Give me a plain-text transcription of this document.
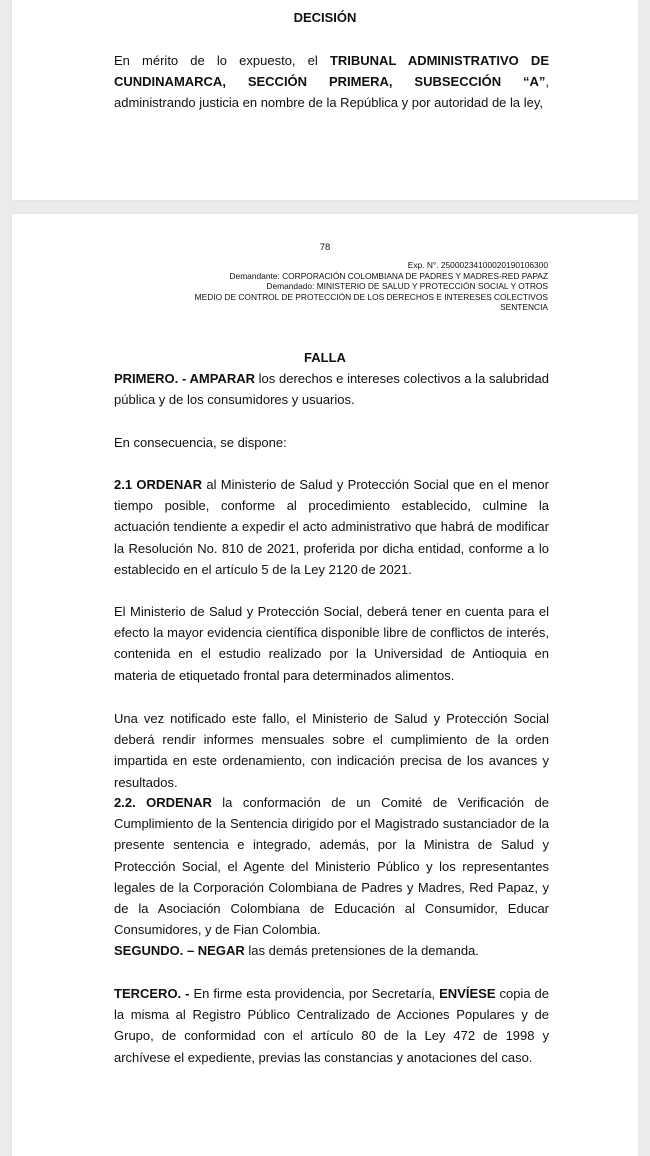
DECISIÓN
En mérito de lo expuesto, el TRIBUNAL ADMINISTRATIVO DE CUNDINAMARCA, SECCIÓN PRIMERA, SUBSECCIÓN “A”, administrando justicia en nombre de la República y por autoridad de la ley,
78
Exp. N°. 25000234100020190106300
Demandante: CORPORACIÓN COLOMBIANA DE PADRES Y MADRES-RED PAPAZ
Demandado: MINISTERIO DE SALUD Y PROTECCIÓN SOCIAL Y OTROS
MEDIO DE CONTROL DE PROTECCIÓN DE LOS DERECHOS E INTERESES COLECTIVOS
SENTENCIA
FALLA
PRIMERO. - AMPARAR los derechos e intereses colectivos a la salubridad pública y de los consumidores y usuarios.
En consecuencia, se dispone:
2.1 ORDENAR al Ministerio de Salud y Protección Social que en el menor tiempo posible, conforme al procedimiento establecido, culmine la actuación tendiente a expedir el acto administrativo que habrá de modificar la Resolución No. 810 de 2021, proferida por dicha entidad, conforme a lo establecido en el artículo 5 de la Ley 2120 de 2021.
El Ministerio de Salud y Protección Social, deberá tener en cuenta para el efecto la mayor evidencia científica disponible libre de conflictos de interés, contenida en el estudio realizado por la Universidad de Antioquia en materia de etiquetado frontal para determinados alimentos.
Una vez notificado este fallo, el Ministerio de Salud y Protección Social deberá rendir informes mensuales sobre el cumplimiento de la orden impartida en este ordenamiento, con indicación precisa de los avances y resultados.
2.2. ORDENAR la conformación de un Comité de Verificación de Cumplimiento de la Sentencia dirigido por el Magistrado sustanciador de la presente sentencia e integrado, además, por la Ministra de Salud y Protección Social, el Agente del Ministerio Público y los representantes legales de la Corporación Colombiana de Padres y Madres, Red Papaz, y de la Asociación Colombiana de Educación al Consumidor, Educar Consumidores, y de Fian Colombia.
SEGUNDO. – NEGAR las demás pretensiones de la demanda.
TERCERO. - En firme esta providencia, por Secretaría, ENVÍESE copia de la misma al Registro Público Centralizado de Acciones Populares y de Grupo, de conformidad con el artículo 80 de la Ley 472 de 1998 y archívese el expediente, previas las constancias y anotaciones del caso.
